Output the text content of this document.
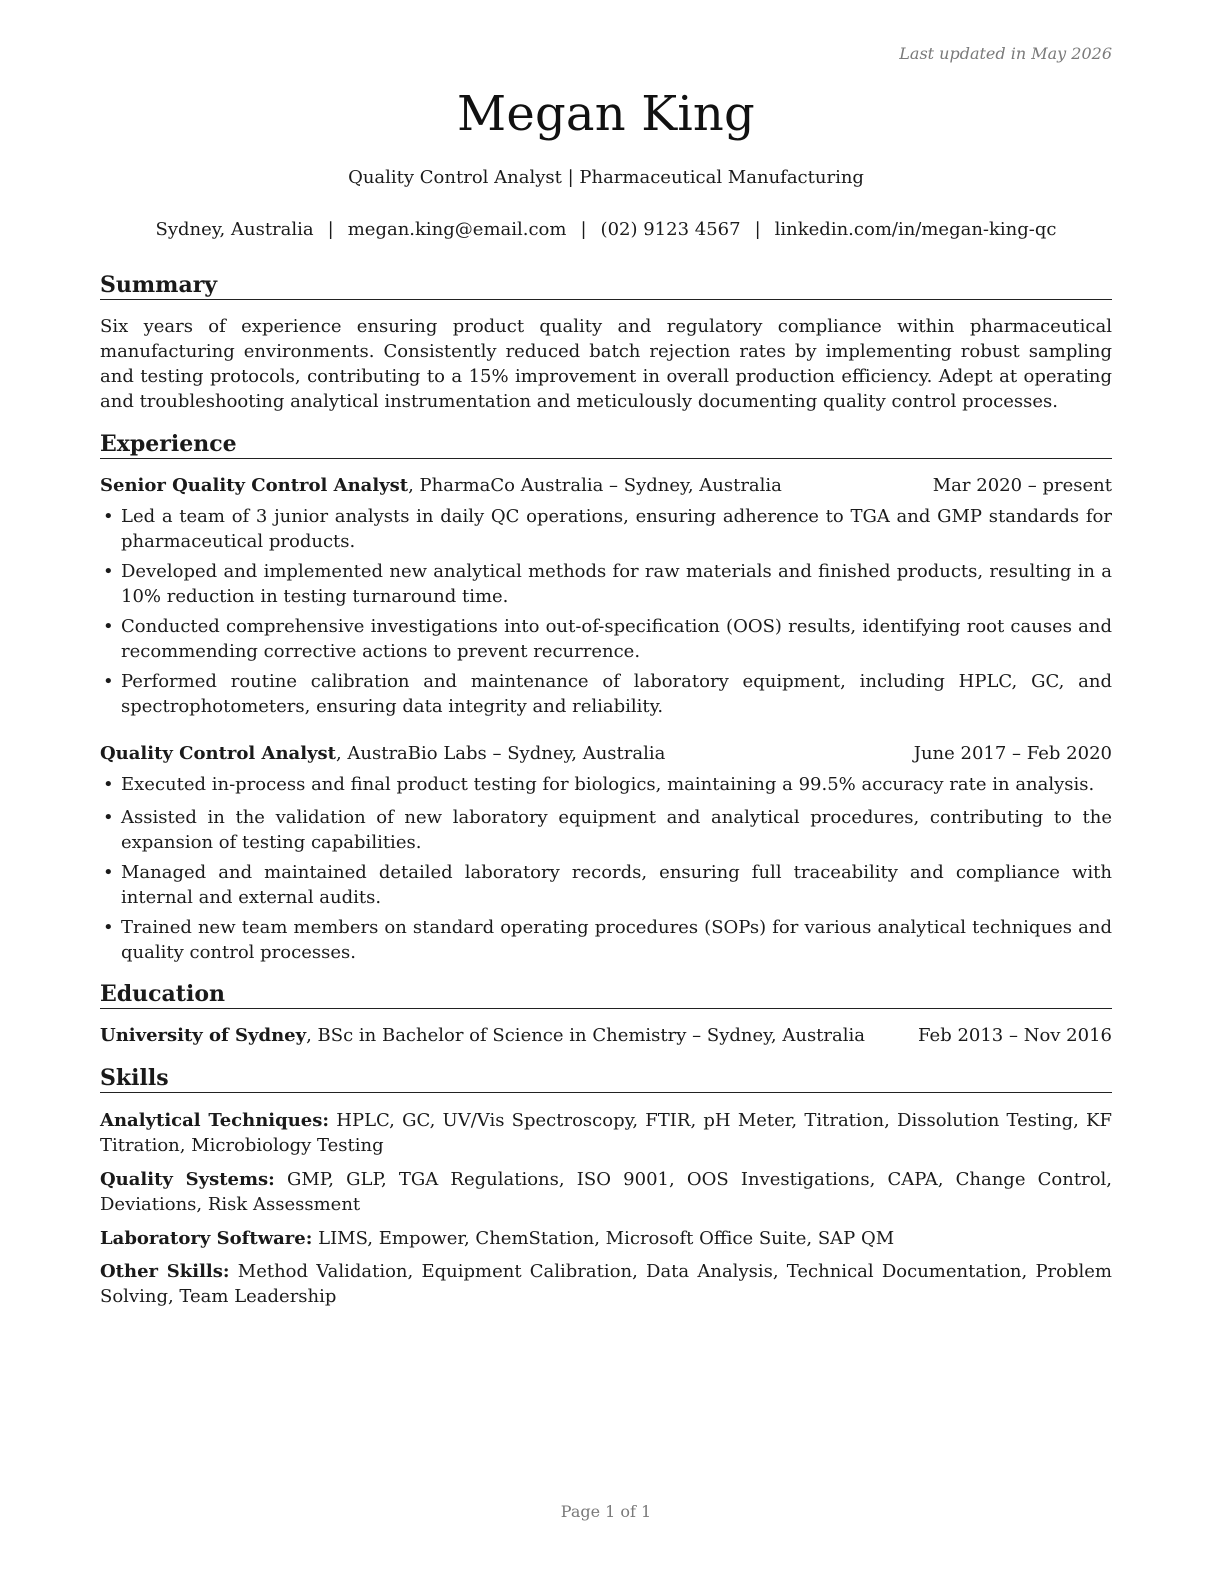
Last updated in May 2026
Megan King
Quality Control Analyst | Pharmaceutical Manufacturing
Sydney, Australia | megan.king@email.com | (02) 9123 4567 | linkedin.com/in/megan-king-qc
Summary
Six years of experience ensuring product quality and regulatory compliance within pharmaceutical manufacturing environments. Consistently reduced batch rejection rates by implementing robust sampling and testing protocols, contributing to a 15% improvement in overall production efficiency. Adept at operating and troubleshooting analytical instrumentation and meticulously documenting quality control processes.
Experience
Senior Quality Control Analyst, PharmaCo Australia – Sydney, Australia	Mar 2020 – present
• Led a team of 3 junior analysts in daily QC operations, ensuring adherence to TGA and GMP standards for pharmaceutical products.
• Developed and implemented new analytical methods for raw materials and finished products, resulting in a 10% reduction in testing turnaround time.
• Conducted comprehensive investigations into out-of-specification (OOS) results, identifying root causes and recommending corrective actions to prevent recurrence.
• Performed routine calibration and maintenance of laboratory equipment, including HPLC, GC, and spectrophotometers, ensuring data integrity and reliability.
Quality Control Analyst, AustraBio Labs – Sydney, Australia	June 2017 – Feb 2020
• Executed in-process and final product testing for biologics, maintaining a 99.5% accuracy rate in analysis.
• Assisted in the validation of new laboratory equipment and analytical procedures, contributing to the expansion of testing capabilities.
• Managed and maintained detailed laboratory records, ensuring full traceability and compliance with internal and external audits.
• Trained new team members on standard operating procedures (SOPs) for various analytical techniques and quality control processes.
Education
University of Sydney, BSc in Bachelor of Science in Chemistry – Sydney, Australia	Feb 2013 – Nov 2016
Skills
Analytical Techniques: HPLC, GC, UV/Vis Spectroscopy, FTIR, pH Meter, Titration, Dissolution Testing, KF Titration, Microbiology Testing
Quality Systems: GMP, GLP, TGA Regulations, ISO 9001, OOS Investigations, CAPA, Change Control, Deviations, Risk Assessment
Laboratory Software: LIMS, Empower, ChemStation, Microsoft Office Suite, SAP QM
Other Skills: Method Validation, Equipment Calibration, Data Analysis, Technical Documentation, Problem Solving, Team Leadership
Page 1 of 1
